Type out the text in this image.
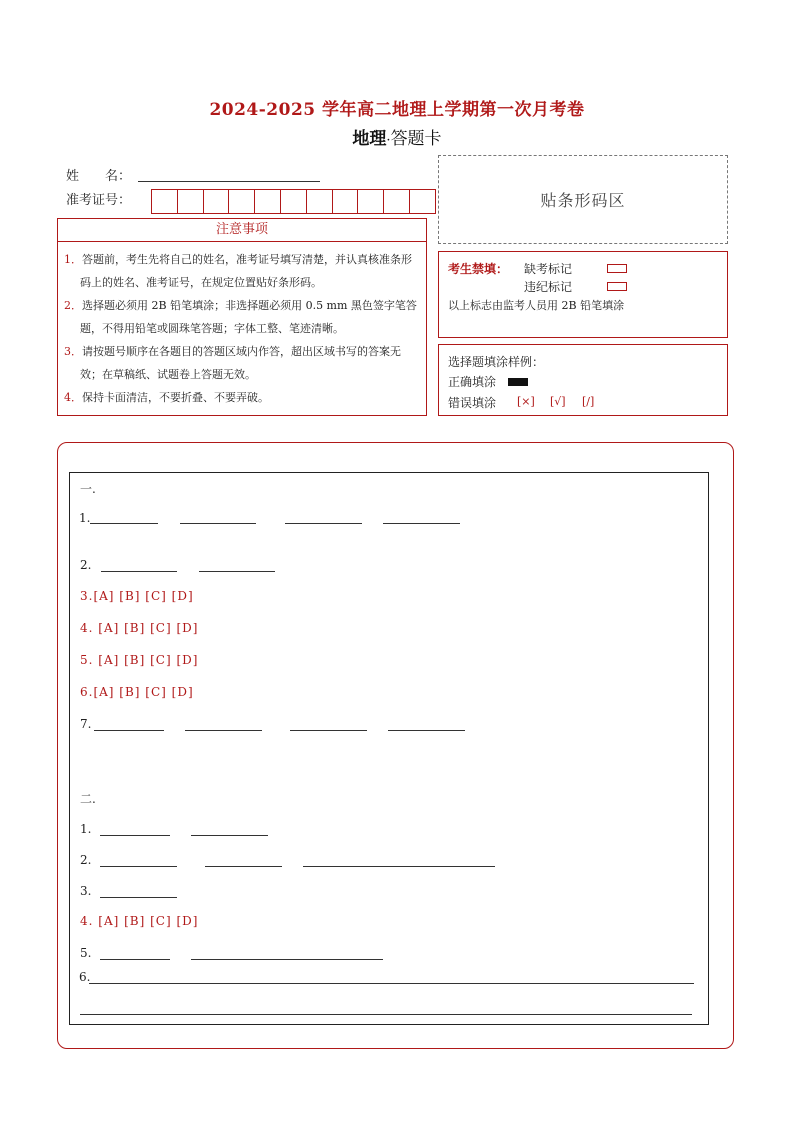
2024-2025 学年高二地理上学期第一次月考卷
地理·答题卡
姓　　名：
准考证号：	贴条形码区
注意事项
1．答题前，考生先将自己的姓名，准考证号填写清楚，并认真核准条形码上的姓名、准考证号，在规定位置贴好条形码。
2．选择题必须用 2B 铅笔填涂；非选择题必须用 0.5 mm 黑色签字笔答题，不得用铅笔或圆珠笔答题；字体工整、笔迹清晰。
3．请按题号顺序在各题目的答题区域内作答，超出区域书写的答案无效；在草稿纸、试题卷上答题无效。
4．保持卡面清洁，不要折叠、不要弄破。
考生禁填： 缺考标记
违纪标记
以上标志由监考人员用 2B 铅笔填涂
选择题填涂样例：
正确填涂
错误填涂 [×] [√] [/]
一.
1.
2.
3.[A] [B] [C] [D]
4. [A] [B] [C] [D]
5. [A] [B] [C] [D]
6.[A] [B] [C] [D]
7.
二.
1.
2.
3.
4. [A] [B] [C] [D]
5.
6.
